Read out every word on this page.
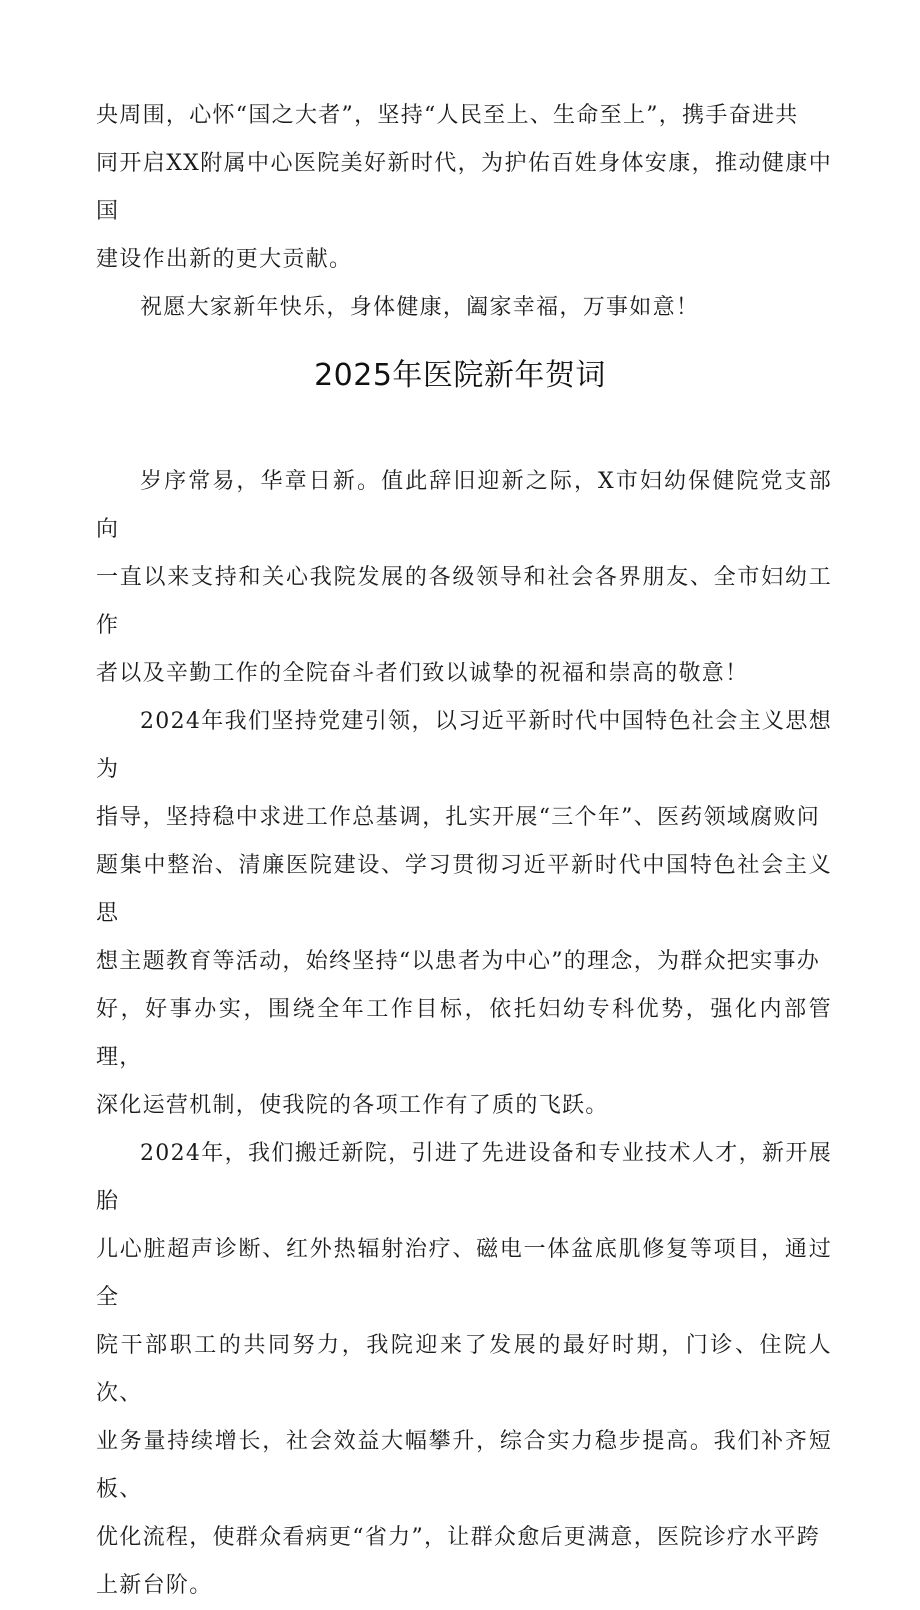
央周围，心怀“国之大者”，坚持“人民至上、生命至上”，携手奋进共
同开启XX附属中心医院美好新时代，为护佑百姓身体安康，推动健康中国
建设作出新的更大贡献。

祝愿大家新年快乐，身体健康，阖家幸福，万事如意！

2025年医院新年贺词

岁序常易，华章日新。值此辞旧迎新之际，X市妇幼保健院党支部向
一直以来支持和关心我院发展的各级领导和社会各界朋友、全市妇幼工作
者以及辛勤工作的全院奋斗者们致以诚挚的祝福和崇高的敬意！

2024年我们坚持党建引领，以习近平新时代中国特色社会主义思想为
指导，坚持稳中求进工作总基调，扎实开展“三个年”、医药领域腐败问
题集中整治、清廉医院建设、学习贯彻习近平新时代中国特色社会主义思
想主题教育等活动，始终坚持“以患者为中心”的理念，为群众把实事办
好，好事办实，围绕全年工作目标，依托妇幼专科优势，强化内部管理，
深化运营机制，使我院的各项工作有了质的飞跃。

2024年，我们搬迁新院，引进了先进设备和专业技术人才，新开展胎
儿心脏超声诊断、红外热辐射治疗、磁电一体盆底肌修复等项目，通过全
院干部职工的共同努力，我院迎来了发展的最好时期，门诊、住院人次、
业务量持续增长，社会效益大幅攀升，综合实力稳步提高。我们补齐短板、
优化流程，使群众看病更“省力”，让群众愈后更满意，医院诊疗水平跨
上新台阶。
